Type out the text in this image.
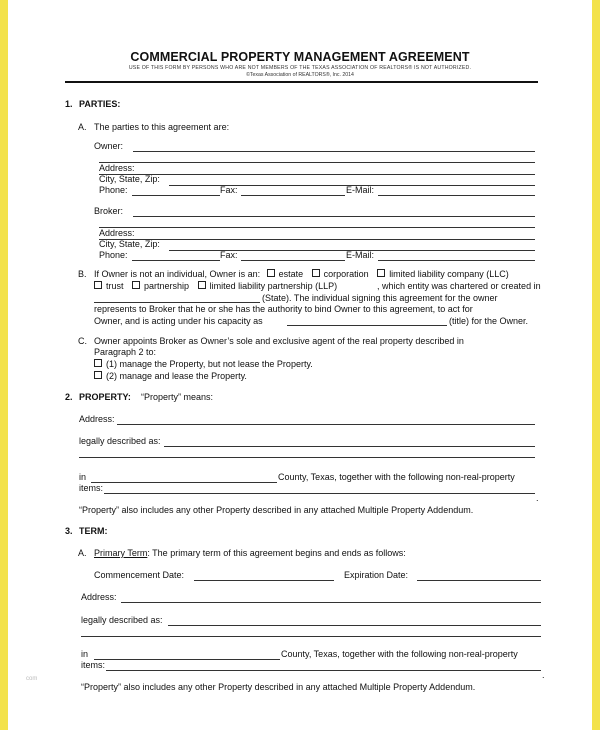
COMMERCIAL PROPERTY MANAGEMENT AGREEMENT
USE OF THIS FORM BY PERSONS WHO ARE NOT MEMBERS OF THE TEXAS ASSOCIATION OF REALTORS® IS NOT AUTHORIZED.
©Texas Association of REALTORS®, Inc. 2014
1. PARTIES:
A. The parties to this agreement are:
Owner:
Address:
City, State, Zip:
Phone:	Fax:	E-Mail:
Broker:
Address:
City, State, Zip:
Phone:	Fax:	E-Mail:
B. If Owner is not an individual, Owner is an: estate corporation limited liability company (LLC)
trust partnership limited liability partnership (LLP)	, which entity was chartered or created in
(State). The individual signing this agreement for the owner
represents to Broker that he or she has the authority to bind Owner to this agreement, to act for
Owner, and is acting under his capacity as	(title) for the Owner.
C. Owner appoints Broker as Owner’s sole and exclusive agent of the real property described in
Paragraph 2 to:
(1) manage the Property, but not lease the Property.
(2) manage and lease the Property.
2. PROPERTY: “Property” means:
Address:
legally described as:
in	County, Texas, together with the following non-real-property
items:
.
“Property” also includes any other Property described in any attached Multiple Property Addendum.
3. TERM:
A. Primary Term: The primary term of this agreement begins and ends as follows:
Commencement Date:	Expiration Date:
Address:
legally described as:
in	County, Texas, together with the following non-real-property
items:
.
“Property” also includes any other Property described in any attached Multiple Property Addendum.
com
